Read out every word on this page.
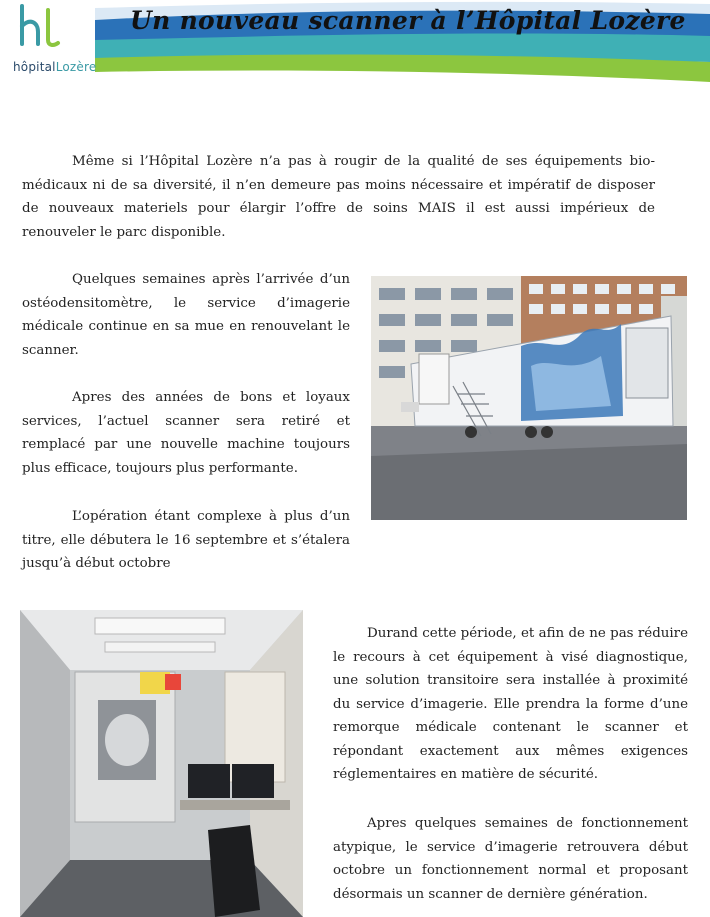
hôpitalLozère
Un nouveau scanner à l’Hôpital Lozère

Même si l’Hôpital Lozère n’a pas à rougir de la qualité de ses équipements bio-médicaux ni de sa diversité, il n’en demeure pas moins nécessaire et impératif de disposer de nouveaux materiels pour élargir l’offre de soins MAIS il est aussi impérieux de renouveler le parc disponible.

Quelques semaines après l’arrivée d’un ostéodensitomètre, le service d’imagerie médicale continue en sa mue en renouvelant le scanner.

Apres des années de bons et loyaux services, l’actuel scanner sera retiré et remplacé par une nouvelle machine toujours plus efficace, toujours plus performante.

L’opération étant complexe à plus d’un titre, elle débutera le 16 septembre et s’étalera jusqu’à début octobre

Durand cette période, et afin de ne pas réduire le recours à cet équipement à visé diagnostique, une solution transitoire sera installée à proximité du service d’imagerie. Elle prendra la forme d’une remorque médicale contenant le scanner et répondant exactement aux mêmes exigences réglementaires en matière de sécurité.

Apres quelques semaines de fonctionnement atypique, le service d’imagerie retrouvera début octobre un fonctionnement normal et proposant désormais un scanner de dernière génération.
